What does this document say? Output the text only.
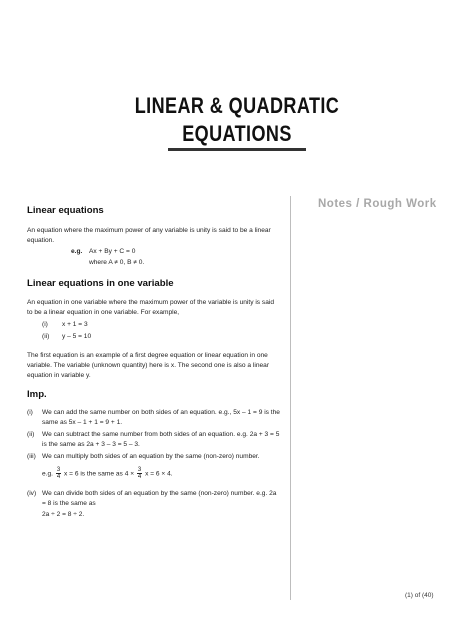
LINEAR & QUADRATIC
EQUATIONS
Notes / Rough Work
Linear equations
An equation where the maximum power of any variable is unity is said to be a linear
equation.
e.g. Ax + By + C = 0
where A ≠ 0, B ≠ 0.
Linear equations in one variable
An equation in one variable where the maximum power of the variable is unity is said
to be a linear equation in one variable. For example,
(i) x + 1 = 3
(ii) y – 5 = 10
The first equation is an example of a first degree equation or linear equation in one
variable. The variable (unknown quantity) here is x. The second one is also a linear
equation in variable y.
Imp.
(i) We can add the same number on both sides of an equation. e.g., 5x – 1 = 9 is the
same as 5x – 1 + 1 = 9 + 1.
(ii) We can subtract the same number from both sides of an equation. e.g. 2a + 3 = 5
is the same as 2a + 3 – 3 = 5 – 3.
(iii) We can multiply both sides of an equation by the same (non-zero) number.
e.g. $\frac{3}{4}$ x = 6 is the same as $4 \times \frac{3}{4}$ x = 6 × 4.
(iv) We can divide both sides of an equation by the same (non-zero) number. e.g. 2a
= 8 is the same as
2a ÷ 2 = 8 ÷ 2.
(1) of (40)
